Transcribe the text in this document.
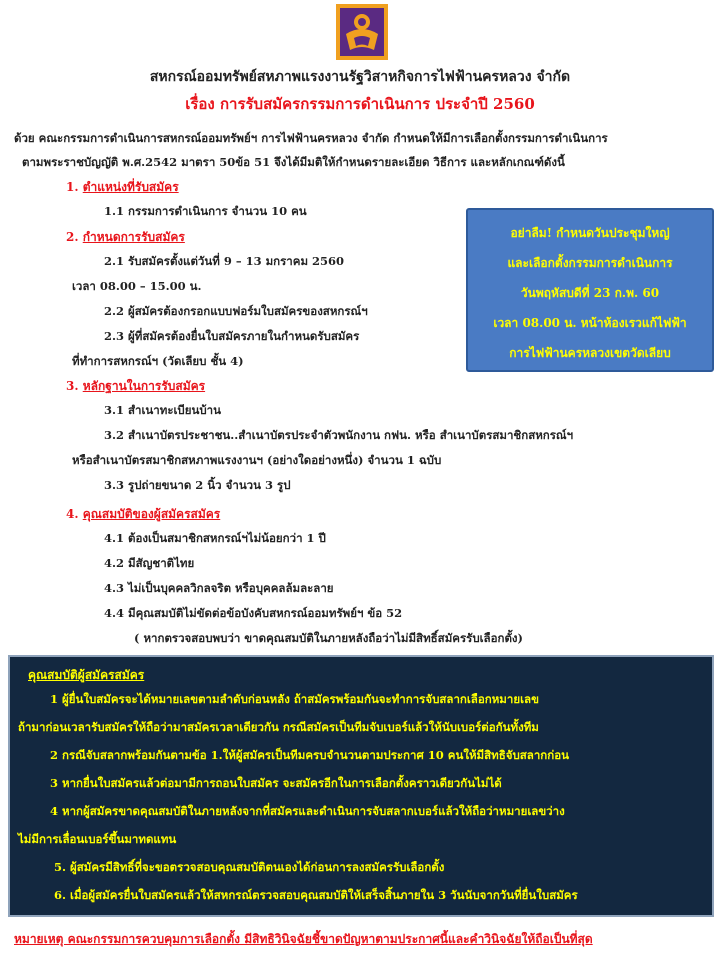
สหกรณ์ออมทรัพย์สหภาพแรงงานรัฐวิสาหกิจการไฟฟ้านครหลวง จำกัด
เรื่อง การรับสมัครกรรมการดำเนินการ ประจำปี 2560
ด้วย คณะกรรมการดำเนินการสหกรณ์ออมทรัพย์ฯ การไฟฟ้านครหลวง จำกัด กำหนดให้มีการเลือกตั้งกรรมการดำเนินการ
ตามพระราชบัญญัติ พ.ศ.2542 มาตรา 50ข้อ 51 จึงได้มีมติให้กำหนดรายละเอียด วิธีการ และหลักเกณฑ์ดังนี้
1. ตำแหน่งที่รับสมัคร
1.1 กรรมการดำเนินการ จำนวน 10 คน
2. กำหนดการรับสมัคร
2.1 รับสมัครตั้งแต่วันที่ 9 – 13 มกราคม 2560
เวลา 08.00 – 15.00 น.
2.2 ผู้สมัครต้องกรอกแบบฟอร์มใบสมัครของสหกรณ์ฯ
2.3 ผู้ที่สมัครต้องยื่นใบสมัครภายในกำหนดรับสมัคร
ที่ทำการสหกรณ์ฯ (วัดเลียบ ชั้น 4)
อย่าลืม! กำหนดวันประชุมใหญ่
และเลือกตั้งกรรมการดำเนินการ
วันพฤหัสบดีที่ 23 ก.พ. 60
เวลา 08.00 น. หน้าห้องเรวแก้ไฟฟ้า
การไฟฟ้านครหลวงเขตวัดเลียบ
3. หลักฐานในการรับสมัคร
3.1 สำเนาทะเบียนบ้าน
3.2 สำเนาบัตรประชาชน..สำเนาบัตรประจำตัวพนักงาน กฟน. หรือ สำเนาบัตรสมาชิกสหกรณ์ฯ
หรือสำเนาบัตรสมาชิกสหภาพแรงงานฯ (อย่างใดอย่างหนึ่ง) จำนวน 1 ฉบับ
3.3 รูปถ่ายขนาด 2 นิ้ว จำนวน 3 รูป
4. คุณสมบัติของผู้สมัครสมัคร
4.1 ต้องเป็นสมาชิกสหกรณ์ฯไม่น้อยกว่า 1 ปี
4.2 มีสัญชาติไทย
4.3 ไม่เป็นบุคคลวิกลจริต หรือบุคคลล้มละลาย
4.4 มีคุณสมบัติไม่ขัดต่อข้อบังคับสหกรณ์ออมทรัพย์ฯ ข้อ 52
( หากตรวจสอบพบว่า ขาดคุณสมบัติในภายหลังถือว่าไม่มีสิทธิ์สมัครรับเลือกตั้ง)
คุณสมบัติผู้สมัครสมัคร
1 ผู้ยื่นใบสมัครจะได้หมายเลขตามลำดับก่อนหลัง ถ้าสมัครพร้อมกันจะทำการจับสลากเลือกหมายเลข
ถ้ามาก่อนเวลารับสมัครให้ถือว่ามาสมัครเวลาเดียวกัน กรณีสมัครเป็นทีมจับเบอร์แล้วให้นับเบอร์ต่อกันทั้งทีม
2 กรณีจับสลากพร้อมกันตามข้อ 1.ให้ผู้สมัครเป็นทีมครบจำนวนตามประกาศ 10 คนให้มีสิทธิจับสลากก่อน
3 หากยื่นใบสมัครแล้วต่อมามีการถอนใบสมัคร จะสมัครอีกในการเลือกตั้งคราวเดียวกันไม่ได้
4 หากผู้สมัครขาดคุณสมบัติในภายหลังจากที่สมัครและดำเนินการจับสลากเบอร์แล้วให้ถือว่าหมายเลขว่าง
ไม่มีการเลื่อนเบอร์ขึ้นมาทดแทน
5. ผู้สมัครมีสิทธิ์ที่จะขอตรวจสอบคุณสมบัติตนเองได้ก่อนการลงสมัครรับเลือกตั้ง
6. เมื่อผู้สมัครยื่นใบสมัครแล้วให้สหกรณ์ตรวจสอบคุณสมบัติให้เสร็จสิ้นภายใน 3 วันนับจากวันที่ยื่นใบสมัคร
หมายเหตุ คณะกรรมการควบคุมการเลือกตั้ง มีสิทธิวินิจฉัยชี้ขาดปัญหาตามประกาศนี้และคำวินิจฉัยให้ถือเป็นที่สุด
